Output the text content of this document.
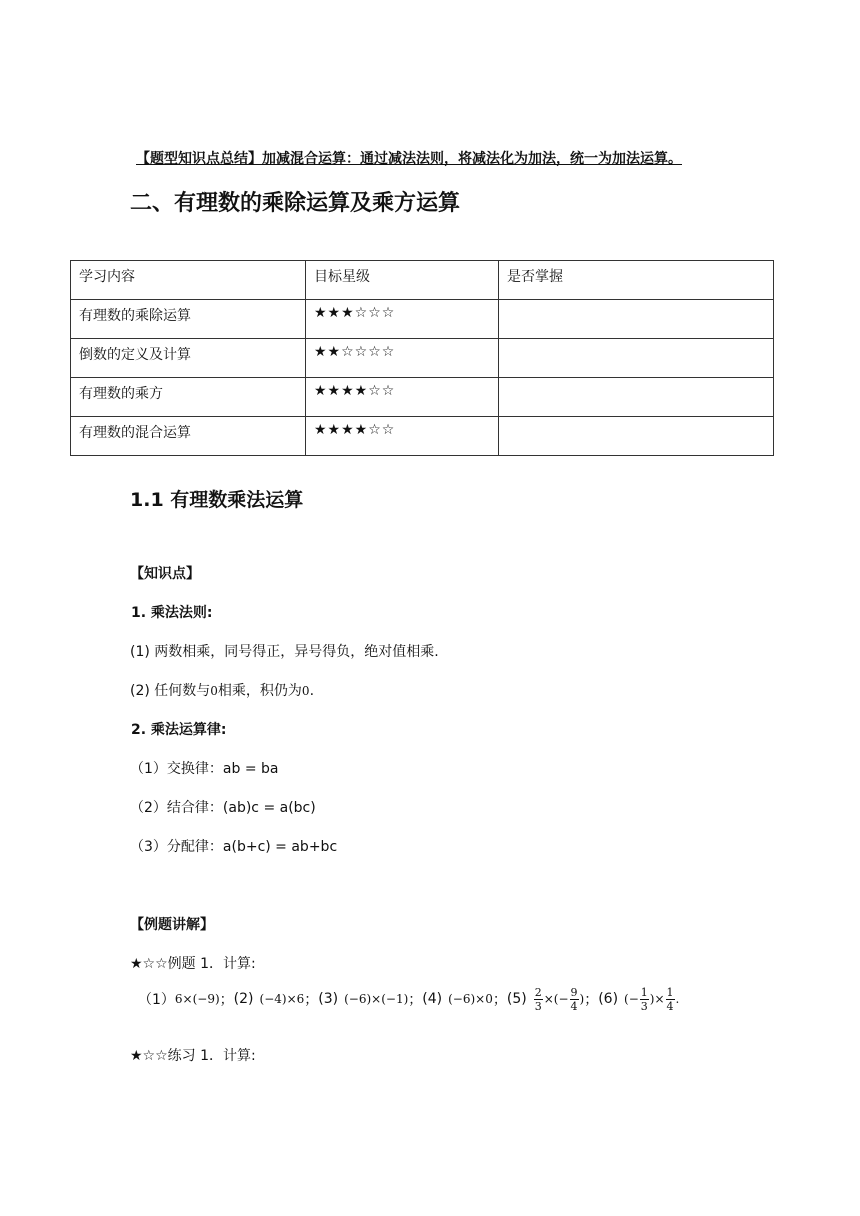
【题型知识点总结】加减混合运算：通过减法法则，将减法化为加法，统一为加法运算。
二、有理数的乘除运算及乘方运算
学习内容	目标星级	是否掌握
有理数的乘除运算	★★★☆☆☆	
倒数的定义及计算	★★☆☆☆☆	
有理数的乘方	★★★★☆☆	
有理数的混合运算	★★★★☆☆	
1.1 有理数乘法运算
【知识点】
1. 乘法法则:
(1) 两数相乘，同号得正，异号得负，绝对值相乘.
(2) 任何数与0相乘，积仍为0.
2. 乘法运算律:
（1）交换律：ab = ba
（2）结合律：(ab)c = a(bc)
（3）分配律：a(b+c) = ab+bc
【例题讲解】
★☆☆例题 1．计算:
（1） 6×(−9) ； (2) (−4)×6 ； (3) (−6)×(−1) ； (4) (−6)×0 ； $(5) \frac{2}{3}$ ×(− $\frac{9}{4}$ ) ； (6) (− $\frac{1}{3}$ )× $\frac{1}{4}$ .
★☆☆练习 1．计算:
